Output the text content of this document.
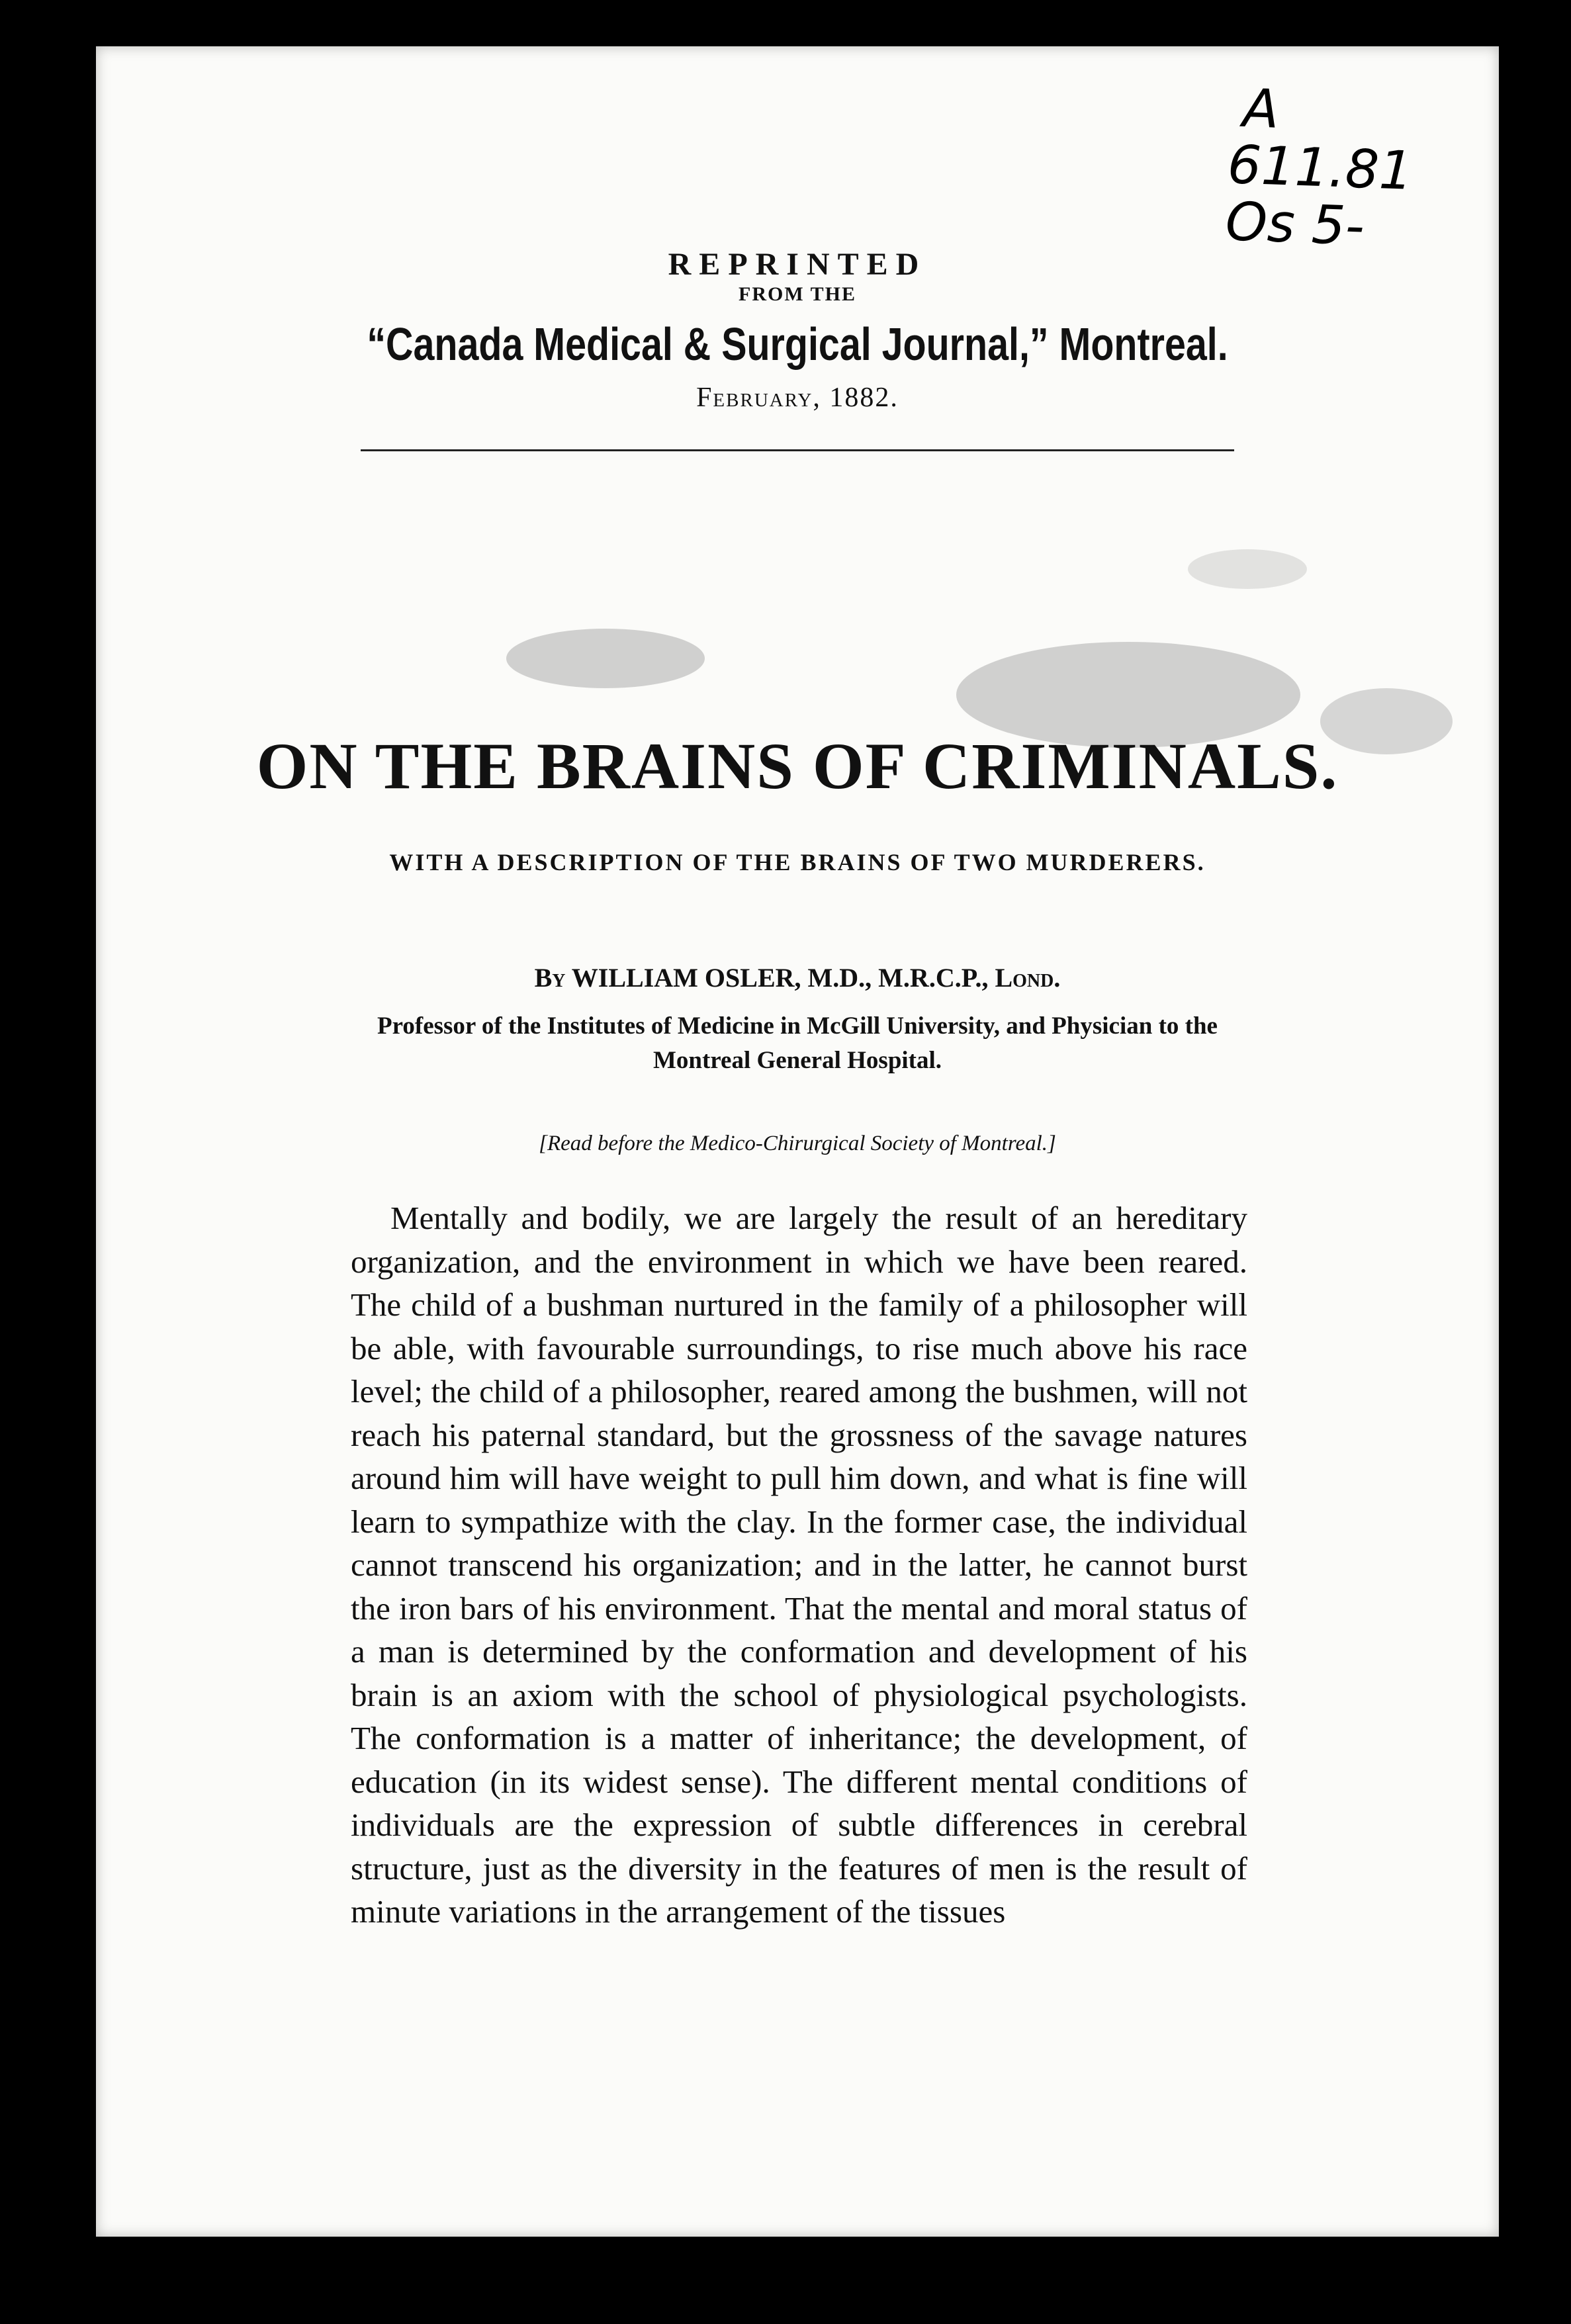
A
611.81
Os 5-
REPRINTED
FROM THE
“Canada Medical & Surgical Journal,” Montreal.
February, 1882.
ON THE BRAINS OF CRIMINALS.
WITH A DESCRIPTION OF THE BRAINS OF TWO MURDERERS.
By WILLIAM OSLER, M.D., M.R.C.P., Lond.
Professor of the Institutes of Medicine in McGill University, and Physician to the Montreal General Hospital.
[Read before the Medico-Chirurgical Society of Montreal.]

Mentally and bodily, we are largely the result of an hereditary organization, and the environment in which we have been reared. The child of a bushman nurtured in the family of a philosopher will be able, with favourable surroundings, to rise much above his race level; the child of a philosopher, reared among the bushmen, will not reach his paternal standard, but the grossness of the savage natures around him will have weight to pull him down, and what is fine will learn to sympathize with the clay. In the former case, the individual cannot transcend his organization; and in the latter, he cannot burst the iron bars of his environment. That the mental and moral status of a man is determined by the conformation and development of his brain is an axiom with the school of physiological psychologists. The conformation is a matter of inheritance; the development, of education (in its widest sense). The different mental conditions of individuals are the expression of subtle differences in cerebral structure, just as the diversity in the features of men is the result of minute variations in the arrangement of the tissues
